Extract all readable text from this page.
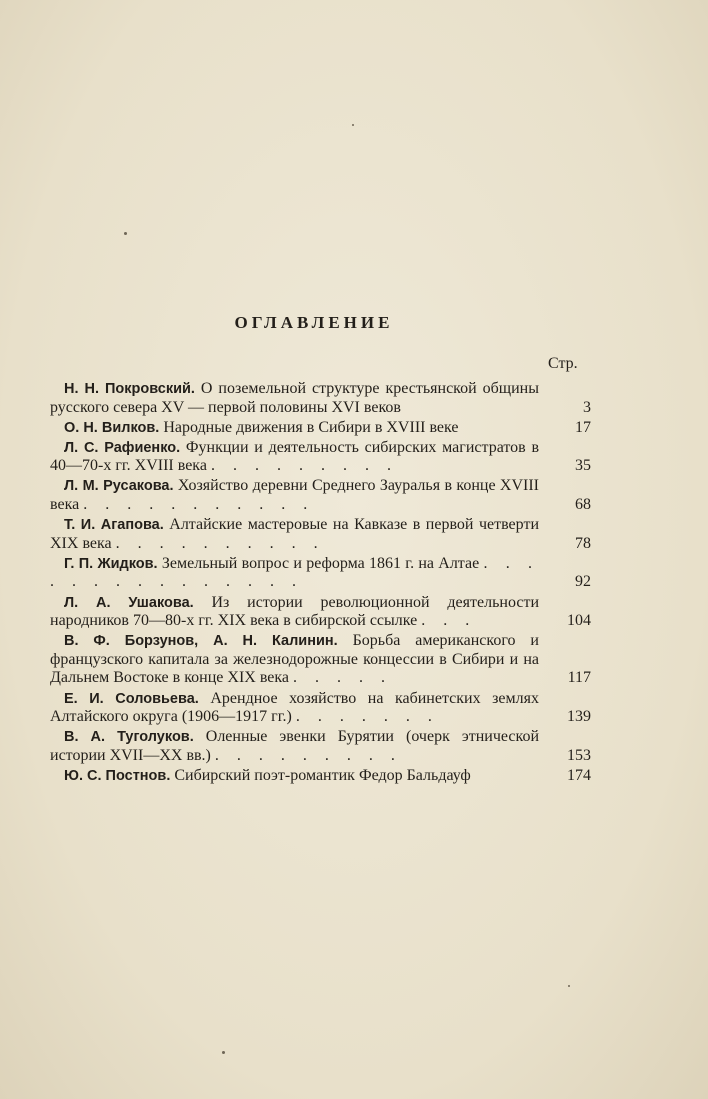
ОГЛАВЛЕНИЕ
Стр.
Н. Н. Покровский. О поземельной структуре крестьянской общины русского севера XV — первой половины XVI веков	3
О. Н. Вилков. Народные движения в Сибири в XVIII веке	17
Л. С. Рафиенко. Функции и деятельность сибирских магистратов в 40—70-х гг. XVIII века . . . . . . . . .	35
Л. М. Русакова. Хозяйство деревни Среднего Зауралья в конце XVIII века . . . . . . . . . . .	68
Т. И. Агапова. Алтайские мастеровые на Кавказе в первой четверти XIX века . . . . . . . . . .	78
Г. П. Жидков. Земельный вопрос и реформа 1861 г. на Алтае . . . . . . . . . . . . . . .	92
Л. А. Ушакова. Из истории революционной деятельности народников 70—80-х гг. XIX века в сибирской ссылке . . .	104
В. Ф. Борзунов, А. Н. Калинин. Борьба американского и французского капитала за железнодорожные концессии в Сибири и на Дальнем Востоке в конце XIX века . . . . .	117
Е. И. Соловьева. Арендное хозяйство на кабинетских землях Алтайского округа (1906—1917 гг.) . . . . . . .	139
В. А. Туголуков. Оленные эвенки Бурятии (очерк этнической истории XVII—XX вв.) . . . . . . . . .	153
Ю. С. Постнов. Сибирский поэт-романтик Федор Бальдауф	174
